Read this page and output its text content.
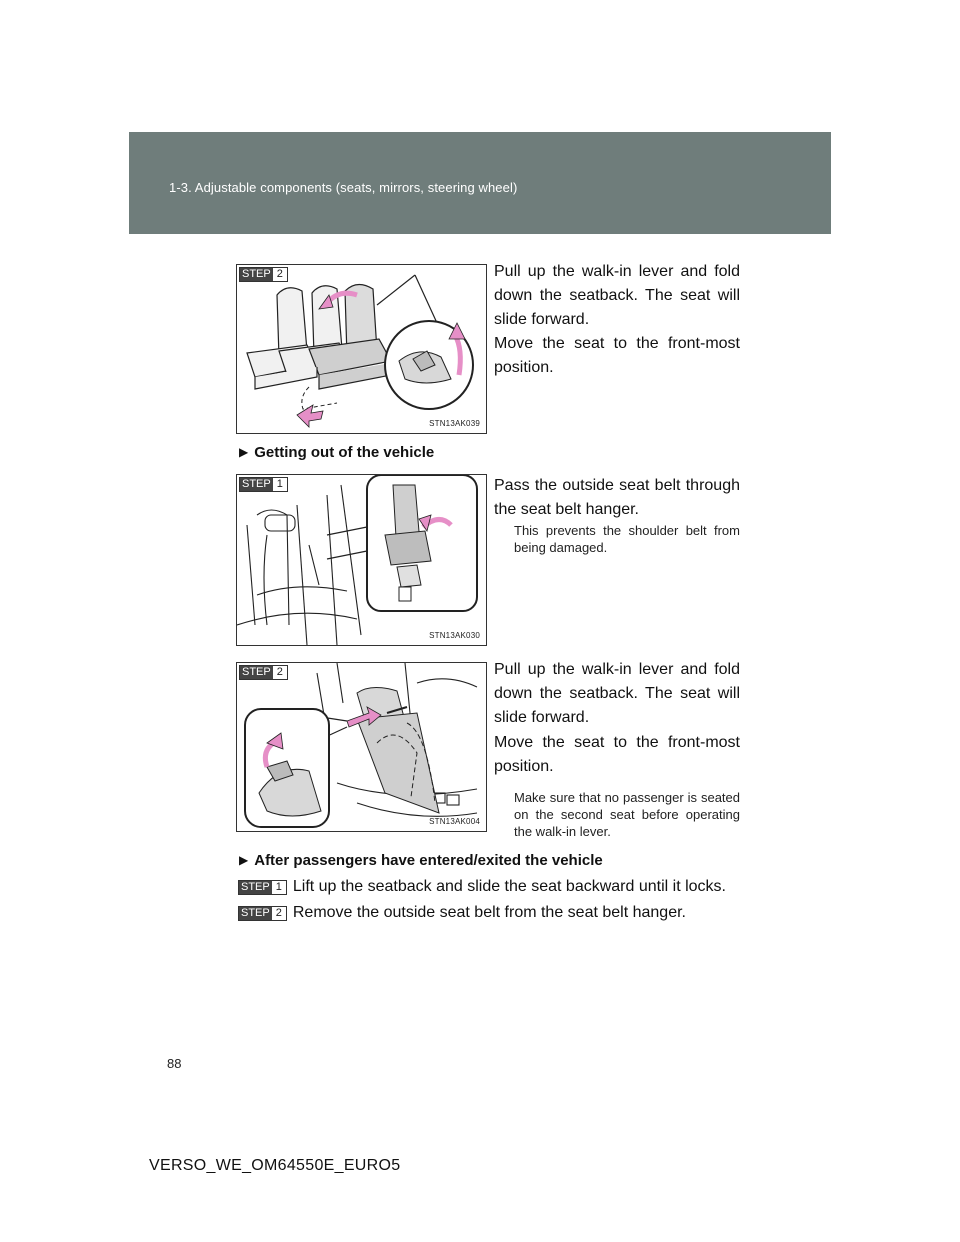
1-3. Adjustable components (seats, mirrors, steering wheel)
STEP 2
STN13AK039
Pull up the walk-in lever and fold down the seatback. The seat will slide forward.
Move the seat to the front-most position.
▶ Getting out of the vehicle
STEP 1
STN13AK030
Pass the outside seat belt through the seat belt hanger.
This prevents the shoulder belt from being damaged.
STEP 2
STN13AK004
Pull up the walk-in lever and fold down the seatback. The seat will slide forward.
Move the seat to the front-most position.
Make sure that no passenger is seated on the second seat before operating the walk-in lever.
▶ After passengers have entered/exited the vehicle
STEP 1 Lift up the seatback and slide the seat backward until it locks.
STEP 2 Remove the outside seat belt from the seat belt hanger.
88
VERSO_WE_OM64550E_EURO5
